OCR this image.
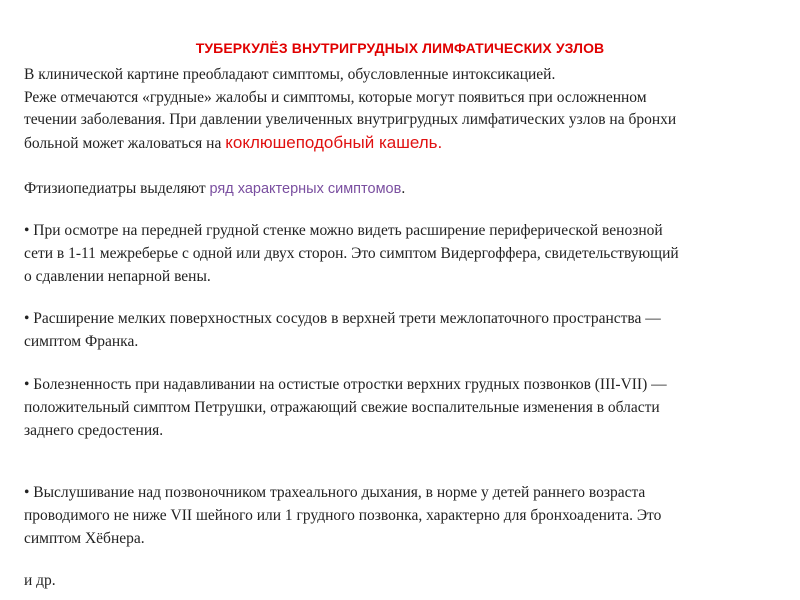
ТУБЕРКУЛЁЗ ВНУТРИГРУДНЫХ ЛИМФАТИЧЕСКИХ УЗЛОВ

В клинической картине преобладают симптомы, обусловленные интоксикацией.

Реже отмечаются «грудные» жалобы и симптомы, которые могут появиться при осложненном

течении заболевания. При давлении увеличенных внутригрудных лимфатических узлов на бронхи

больной может жаловаться на коклюшеподобный кашель.

Фтизиопедиатры выделяют ряд характерных симптомов.

• При осмотре на передней грудной стенке можно видеть расширение периферической венозной

сети в 1-11 межреберье с одной или двух сторон. Это симптом Видергоффера, свидетельствующий

о сдавлении непарной вены.

• Расширение мелких поверхностных сосудов в верхней трети межлопаточного пространства —

симптом Франка.

• Болезненность при надавливании на остистые отростки верхних грудных позвонков (III-VII) —

положительный симптом Петрушки, отражающий свежие воспалительные изменения в области

заднего средостения.

• Выслушивание над позвоночником трахеального дыхания, в норме у детей раннего возраста

проводимого не ниже VII шейного или 1 грудного позвонка, характерно для бронхоаденита. Это

симптом Хёбнера.

и др.
